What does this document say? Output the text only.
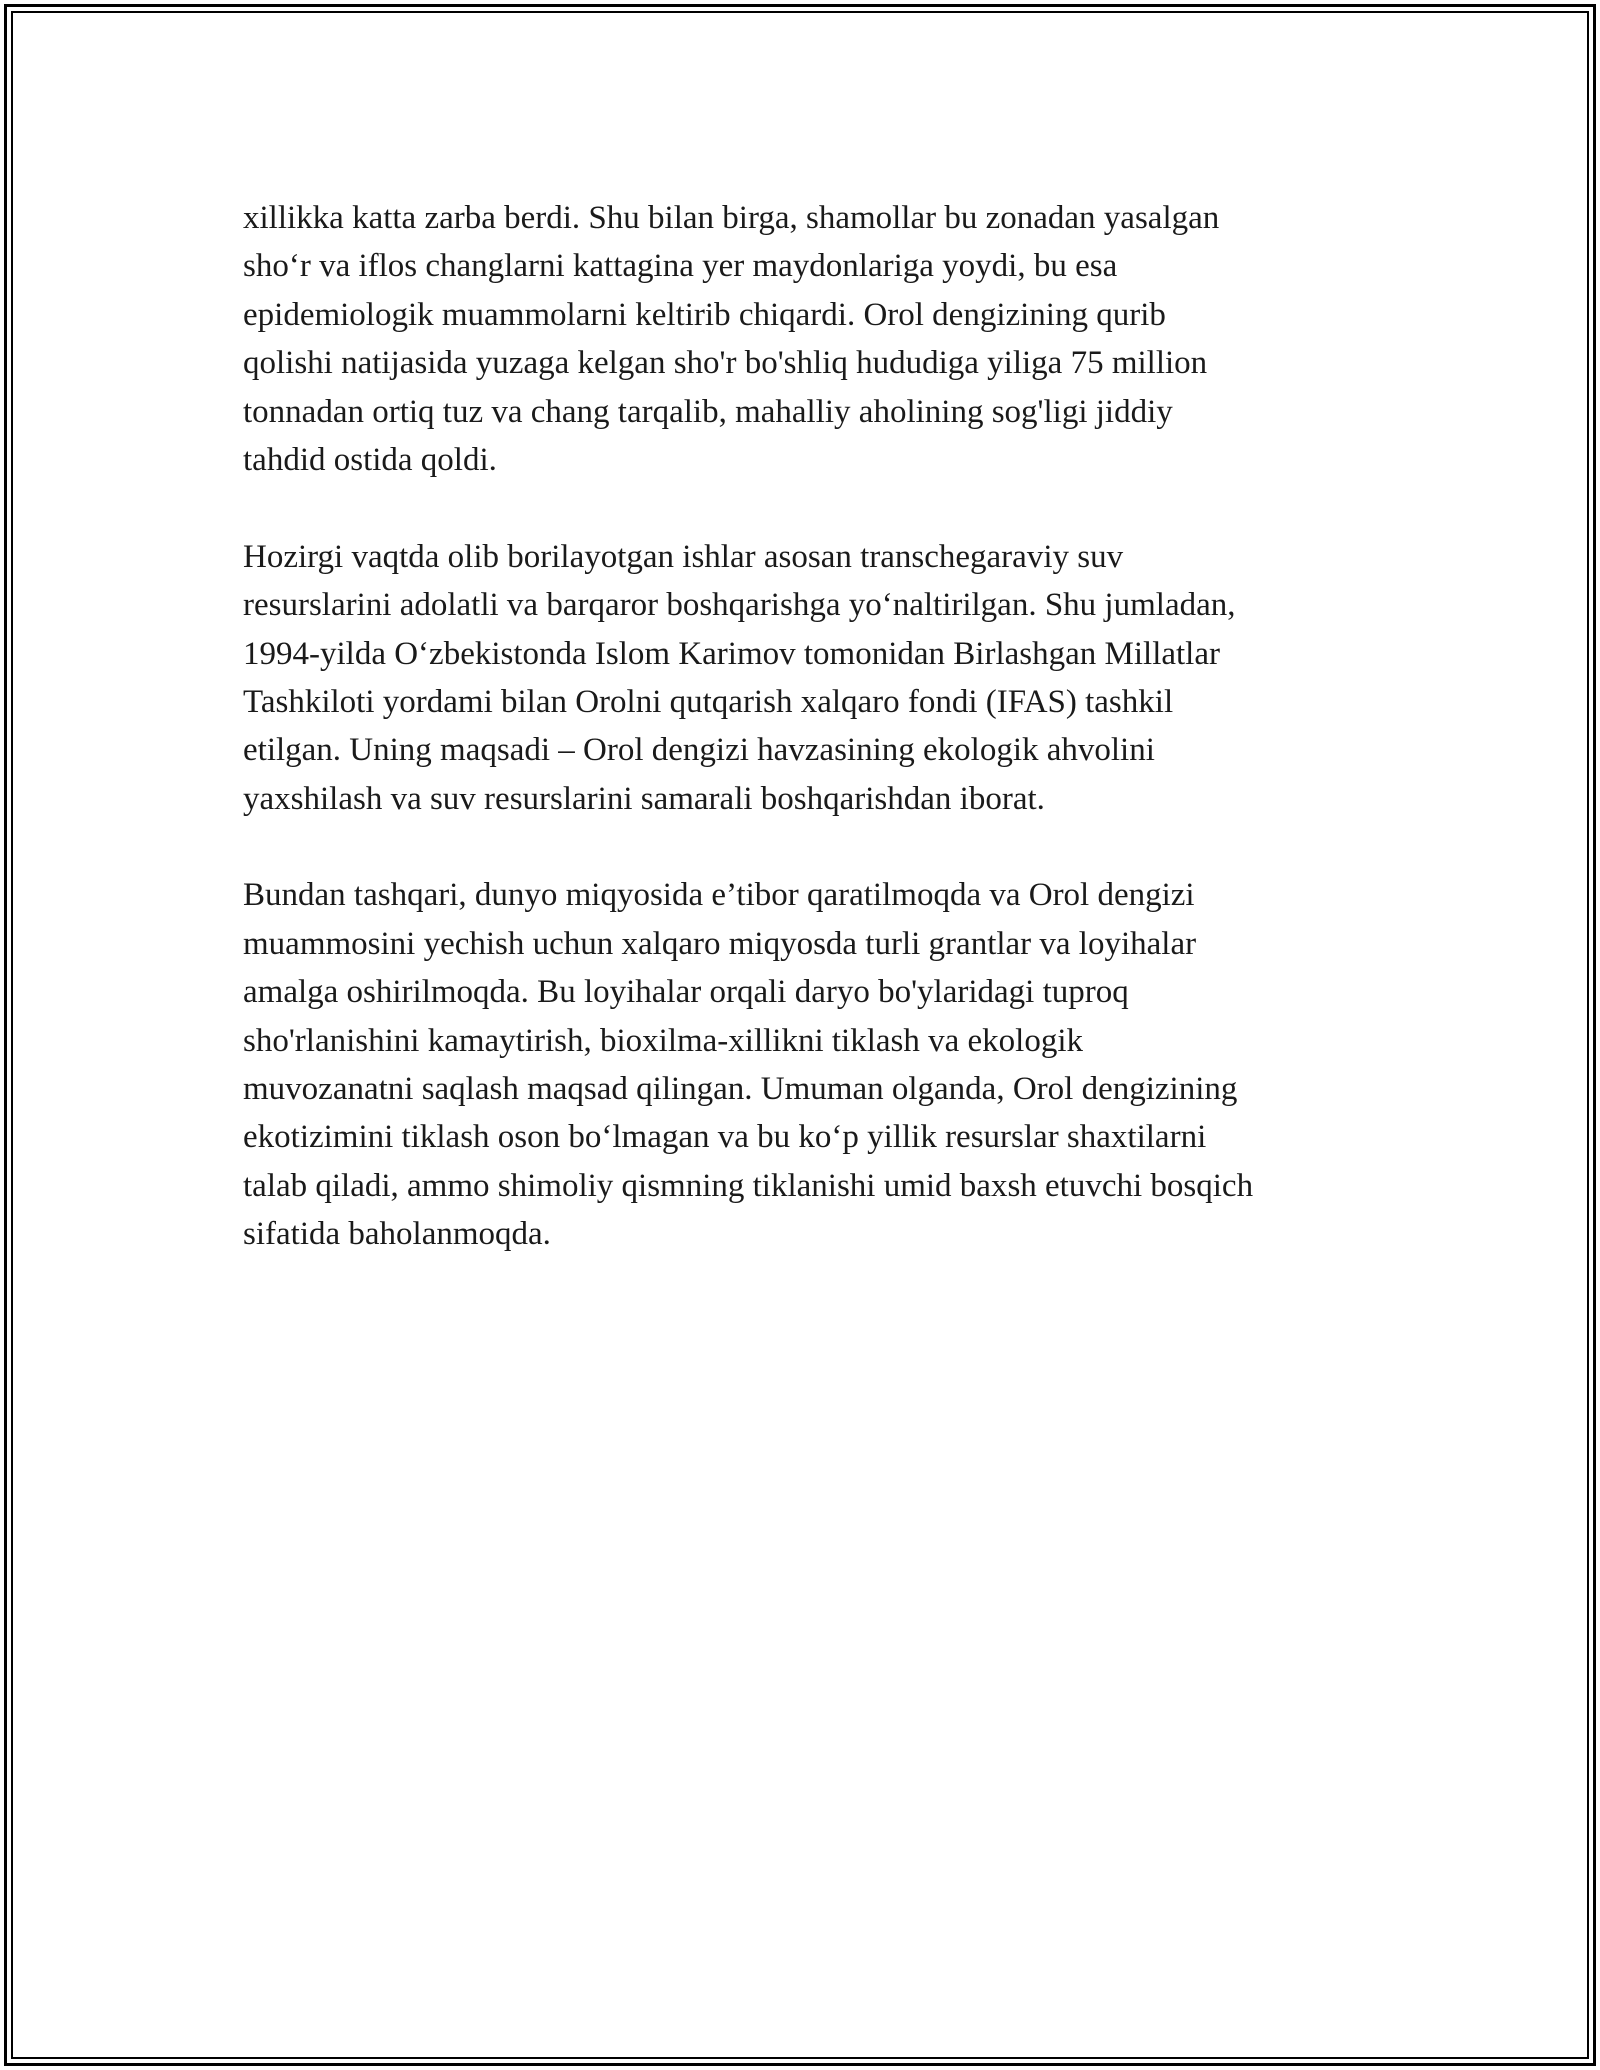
xillikka katta zarba berdi. Shu bilan birga, shamollar bu zonadan yasalgan
sho‘r va iflos changlarni kattagina yer maydonlariga yoydi, bu esa
epidemiologik muammolarni keltirib chiqardi. Orol dengizining qurib
qolishi natijasida yuzaga kelgan sho'r bo'shliq hududiga yiliga 75 million
tonnadan ortiq tuz va chang tarqalib, mahalliy aholining sog'ligi jiddiy
tahdid ostida qoldi.
Hozirgi vaqtda olib borilayotgan ishlar asosan transchegaraviy suv
resurslarini adolatli va barqaror boshqarishga yo‘naltirilgan. Shu jumladan,
1994-yilda O‘zbekistonda Islom Karimov tomonidan Birlashgan Millatlar
Tashkiloti yordami bilan Orolni qutqarish xalqaro fondi (IFAS) tashkil
etilgan. Uning maqsadi – Orol dengizi havzasining ekologik ahvolini
yaxshilash va suv resurslarini samarali boshqarishdan iborat.
Bundan tashqari, dunyo miqyosida e’tibor qaratilmoqda va Orol dengizi
muammosini yechish uchun xalqaro miqyosda turli grantlar va loyihalar
amalga oshirilmoqda. Bu loyihalar orqali daryo bo'ylaridagi tuproq
sho'rlanishini kamaytirish, bioxilma-xillikni tiklash va ekologik
muvozanatni saqlash maqsad qilingan. Umuman olganda, Orol dengizining
ekotizimini tiklash oson bo‘lmagan va bu ko‘p yillik resurslar shaxtilarni
talab qiladi, ammo shimoliy qismning tiklanishi umid baxsh etuvchi bosqich
sifatida baholanmoqda.
